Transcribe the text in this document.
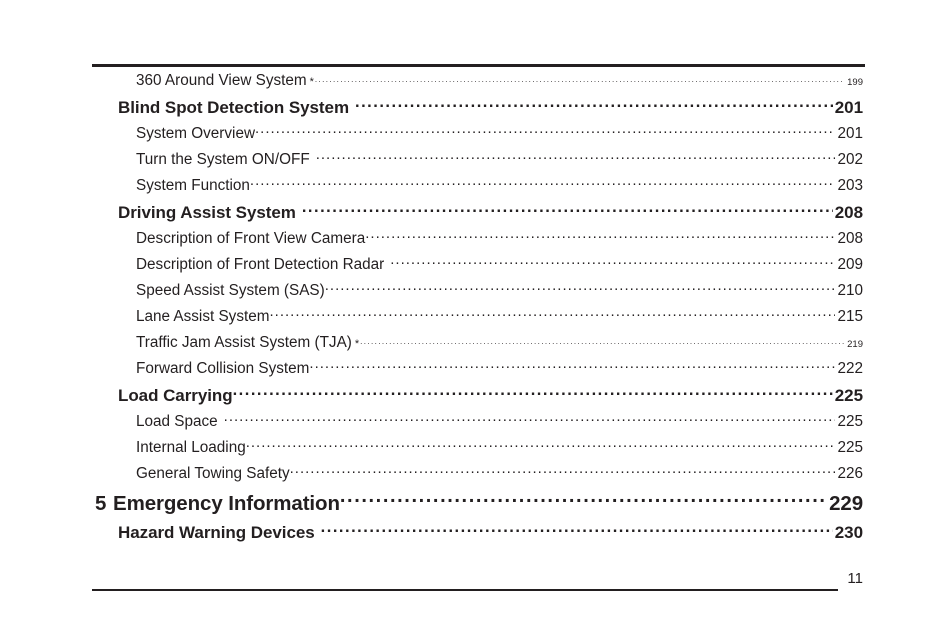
360 Around View System * .....	199
Blind Spot Detection System .....	201
System Overview .....	201
Turn the System ON/OFF .....	202
System Function .....	203
Driving Assist System .....	208
Description of Front View Camera .....	208
Description of Front Detection Radar .....	209
Speed Assist System (SAS) .....	210
Lane Assist System .....	215
Traffic Jam Assist System (TJA) * .....	219
Forward Collision System .....	222
Load Carrying .....	225
Load Space .....	225
Internal Loading .....	225
General Towing Safety .....	226
5 Emergency Information .....	229
Hazard Warning Devices .....	230
11
